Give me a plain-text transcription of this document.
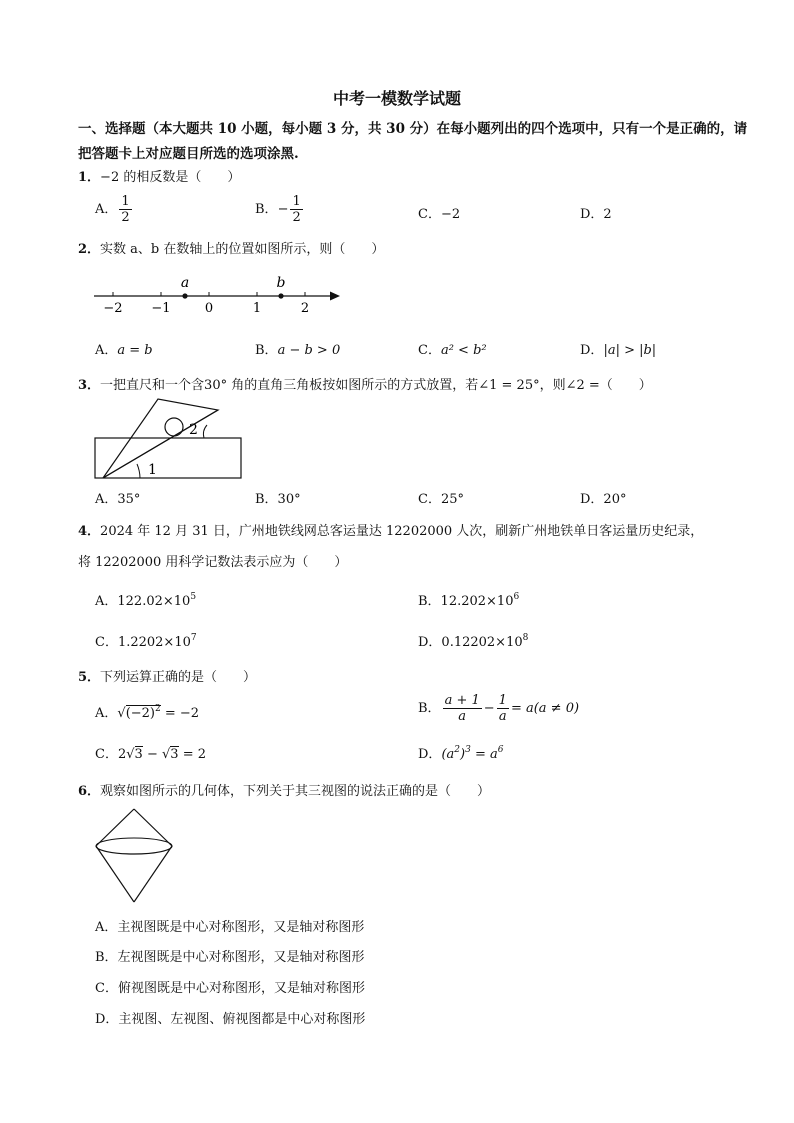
中考一模数学试题
一、选择题（本大题共 10 小题，每小题 3 分，共 30 分）在每小题列出的四个选项中，只有一个是正确的，请把答题卡上对应题目所选的选项涂黑.
1．−2 的相反数是（　　）
A． $\frac{1}{2}$	B．− $\frac{1}{2}$	C．−2	D．2
2．实数 a、b 在数轴上的位置如图所示，则（　　）
−2 −1	0	1	2
a	b
A．a = b	B．a − b > 0	C．a² < b²	D．|a| > |b|
3．一把直尺和一个含30° 角的直角三角板按如图所示的方式放置，若∠1 = 25°，则∠2 =（　　）
1
2
A．35°	B．30°	C．25°	D．20°
4．2024 年 12 月 31 日，广州地铁线网总客运量达 12202000 人次，刷新广州地铁单日客运量历史纪录，
将 12202000 用科学记数法表示应为（　　）
A．$122.02\times 10^5$	B．$12.202\times 10^6$
C．$1.2202\times 10^7$	D．$0.12202\times 10^8$
5．下列运算正确的是（　　）
A．$√(-2)^2 = -2$	B． $\frac{a + 1}{a} - \frac{1}{a} = a(a \ne 0)$
C．2√3 − √3 = 2	D．$(a^2)^3 = a^6$
6．观察如图所示的几何体，下列关于其三视图的说法正确的是（　　）
A．主视图既是中心对称图形，又是轴对称图形
B．左视图既是中心对称图形，又是轴对称图形
C．俯视图既是中心对称图形，又是轴对称图形
D．主视图、左视图、俯视图都是中心对称图形
